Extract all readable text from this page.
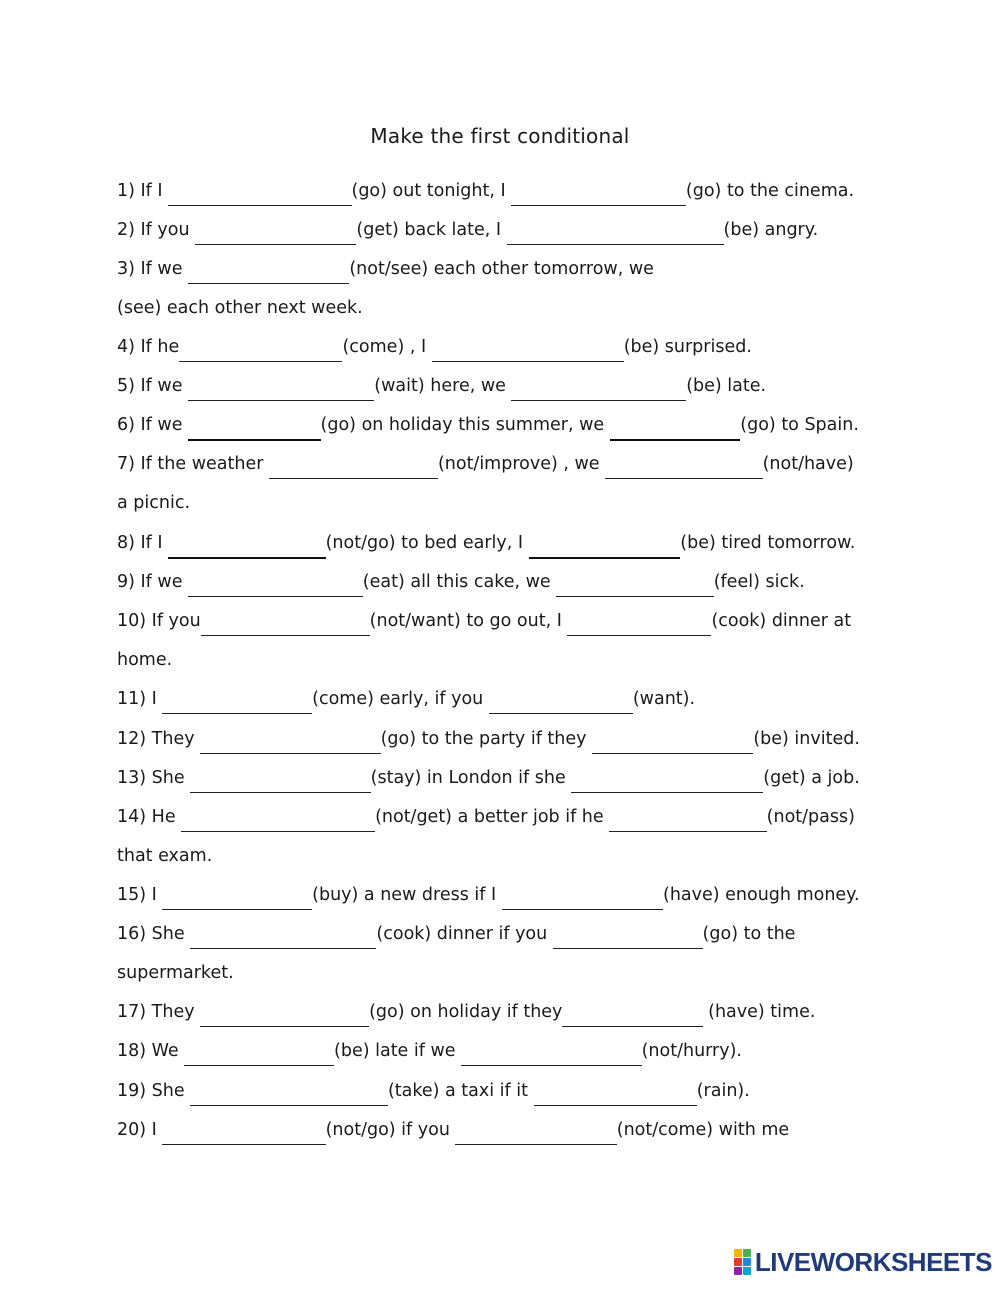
Make the first conditional
1) If I	(go) out tonight, I	(go) to the cinema.
2) If you	(get) back late, I	(be) angry.
3) If we	(not/see) each other tomorrow, we
(see) each other next week.
4) If he	(come) , I	(be) surprised.
5) If we	(wait) here, we	(be) late.
6) If we	(go) on holiday this summer, we	(go) to Spain.
7) If the weather	(not/improve) , we	(not/have)
a picnic.
8) If I	(not/go) to bed early, I	(be) tired tomorrow.
9) If we	(eat) all this cake, we	(feel) sick.
10) If you	(not/want) to go out, I	(cook) dinner at
home.
11) I	(come) early, if you	(want).
12) They	(go) to the party if they	(be) invited.
13) She	(stay) in London if she	(get) a job.
14) He	(not/get) a better job if he	(not/pass)
that exam.
15) I	(buy) a new dress if I	(have) enough money.
16) She	(cook) dinner if you	(go) to the
supermarket.
17) They	(go) on holiday if they	(have) time.
18) We	(be) late if we	(not/hurry).
19) She	(take) a taxi if it	(rain).
20) I	(not/go) if you	(not/come) with me
LIVEWORKSHEETS
